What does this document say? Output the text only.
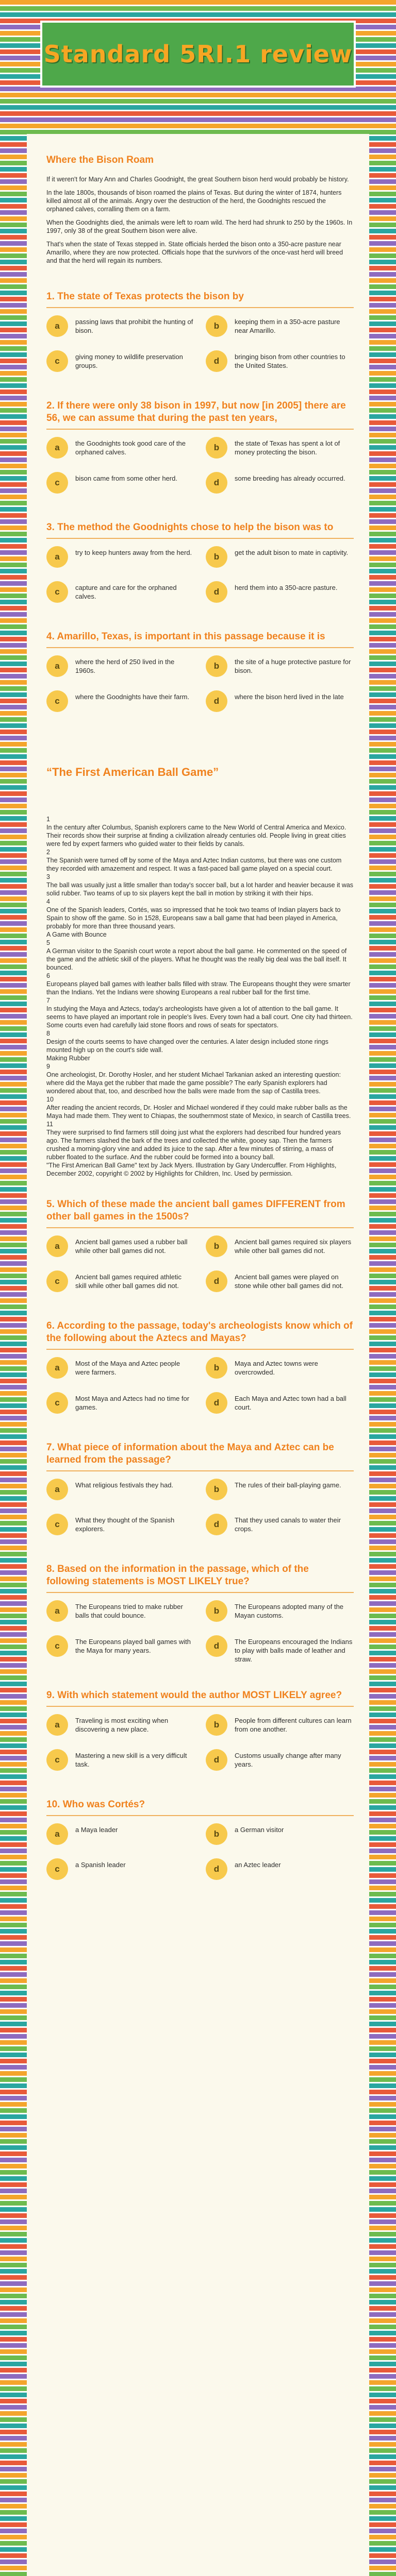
Standard 5RI.1 review
Where the Bison Roam

If it weren't for Mary Ann and Charles Goodnight, the great Southern bison herd would probably be history.

In the late 1800s, thousands of bison roamed the plains of Texas. But during the winter of 1874, hunters killed almost all of the animals. Angry over the destruction of the herd, the Goodnights rescued the orphaned calves, corralling them on a farm.

When the Goodnights died, the animals were left to roam wild. The herd had shrunk to 250 by the 1960s. In 1997, only 38 of the great Southern bison were alive.

That's when the state of Texas stepped in. State officials herded the bison onto a 350-acre pasture near Amarillo, where they are now protected. Officials hope that the survivors of the once-vast herd will breed and that the herd will regain its numbers.

1. The state of Texas protects the bison by
a	passing laws that prohibit the hunting of bison.	b	keeping them in a 350-acre pasture near Amarillo.
c	giving money to wildlife preservation groups.	d	bringing bison from other countries to the United States.
2. If there were only 38 bison in 1997, but now [in 2005] there are 56, we can assume that during the past ten years,
a	the Goodnights took good care of the orphaned calves.	b	the state of Texas has spent a lot of money protecting the bison.
c	bison came from some other herd.	d	some breeding has already occurred.
3. The method the Goodnights chose to help the bison was to
a	try to keep hunters away from the herd.	b	get the adult bison to mate in captivity.
c	capture and care for the orphaned calves.	d	herd them into a 350-acre pasture.
4. Amarillo, Texas, is important in this passage because it is
a	where the herd of 250 lived in the 1960s.	b	the site of a huge protective pasture for bison.
c	where the Goodnights have their farm.	d	where the bison herd lived in the late
“The First American Ball Game”

1
In the century after Columbus, Spanish explorers came to the New World of Central America and Mexico. Their records show their surprise at finding a civilization already centuries old. People living in great cities were fed by expert farmers who guided water to their fields by canals.
2
The Spanish were turned off by some of the Maya and Aztec Indian customs, but there was one custom they recorded with amazement and respect. It was a fast-paced ball game played on a special court.
3
The ball was usually just a little smaller than today's soccer ball, but a lot harder and heavier because it was solid rubber. Two teams of up to six players kept the ball in motion by striking it with their hips.
4
One of the Spanish leaders, Cortés, was so impressed that he took two teams of Indian players back to Spain to show off the game. So in 1528, Europeans saw a ball game that had been played in America, probably for more than three thousand years.
A Game with Bounce
5
A German visitor to the Spanish court wrote a report about the ball game. He commented on the speed of the game and the athletic skill of the players. What he thought was the really big deal was the ball itself. It bounced.
6
Europeans played ball games with leather balls filled with straw. The Europeans thought they were smarter than the Indians. Yet the Indians were showing Europeans a real rubber ball for the first time.
7
In studying the Maya and Aztecs, today's archeologists have given a lot of attention to the ball game. It seems to have played an important role in people's lives. Every town had a ball court. One city had thirteen. Some courts even had carefully laid stone floors and rows of seats for spectators.
8
Design of the courts seems to have changed over the centuries. A later design included stone rings mounted high up on the court's side wall.
Making Rubber
9
One archeologist, Dr. Dorothy Hosler, and her student Michael Tarkanian asked an interesting question: where did the Maya get the rubber that made the game possible? The early Spanish explorers had wondered about that, too, and described how the balls were made from the sap of Castilla trees.
10
After reading the ancient records, Dr. Hosler and Michael wondered if they could make rubber balls as the Maya had made them. They went to Chiapas, the southernmost state of Mexico, in search of Castilla trees.
11
They were surprised to find farmers still doing just what the explorers had described four hundred years ago. The farmers slashed the bark of the trees and collected the white, gooey sap. Then the farmers crushed a morning-glory vine and added its juice to the sap. After a few minutes of stirring, a mass of rubber floated to the surface. And the rubber could be formed into a bouncy ball.
"The First American Ball Game" text by Jack Myers. Illustration by Gary Undercuffler. From Highlights, December 2002, copyright © 2002 by Highlights for Children, Inc. Used by permission.

5. Which of these made the ancient ball games DIFFERENT from other ball games in the 1500s?
a	Ancient ball games used a rubber ball while other ball games did not.	b	Ancient ball games required six players while other ball games did not.
c	Ancient ball games required athletic skill while other ball games did not.	d	Ancient ball games were played on stone while other ball games did not.
6. According to the passage, today's archeologists know which of the following about the Aztecs and Mayas?
a	Most of the Maya and Aztec people were farmers.	b	Maya and Aztec towns were overcrowded.
c	Most Maya and Aztecs had no time for games.	d	Each Maya and Aztec town had a ball court.
7. What piece of information about the Maya and Aztec can be learned from the passage?
a	What religious festivals they had.	b	The rules of their ball-playing game.
c	What they thought of the Spanish explorers.	d	That they used canals to water their crops.
8. Based on the information in the passage, which of the following statements is MOST LIKELY true?
a	The Europeans tried to make rubber balls that could bounce.	b	The Europeans adopted many of the Mayan customs.
c	The Europeans played ball games with the Maya for many years.	d	The Europeans encouraged the Indians to play with balls made of leather and straw.
9. With which statement would the author MOST LIKELY agree?
a	Traveling is most exciting when discovering a new place.	b	People from different cultures can learn from one another.
c	Mastering a new skill is a very difficult task.	d	Customs usually change after many years.
10. Who was Cortés?
a	a Maya leader	b	a German visitor
c	a Spanish leader	d	an Aztec leader
